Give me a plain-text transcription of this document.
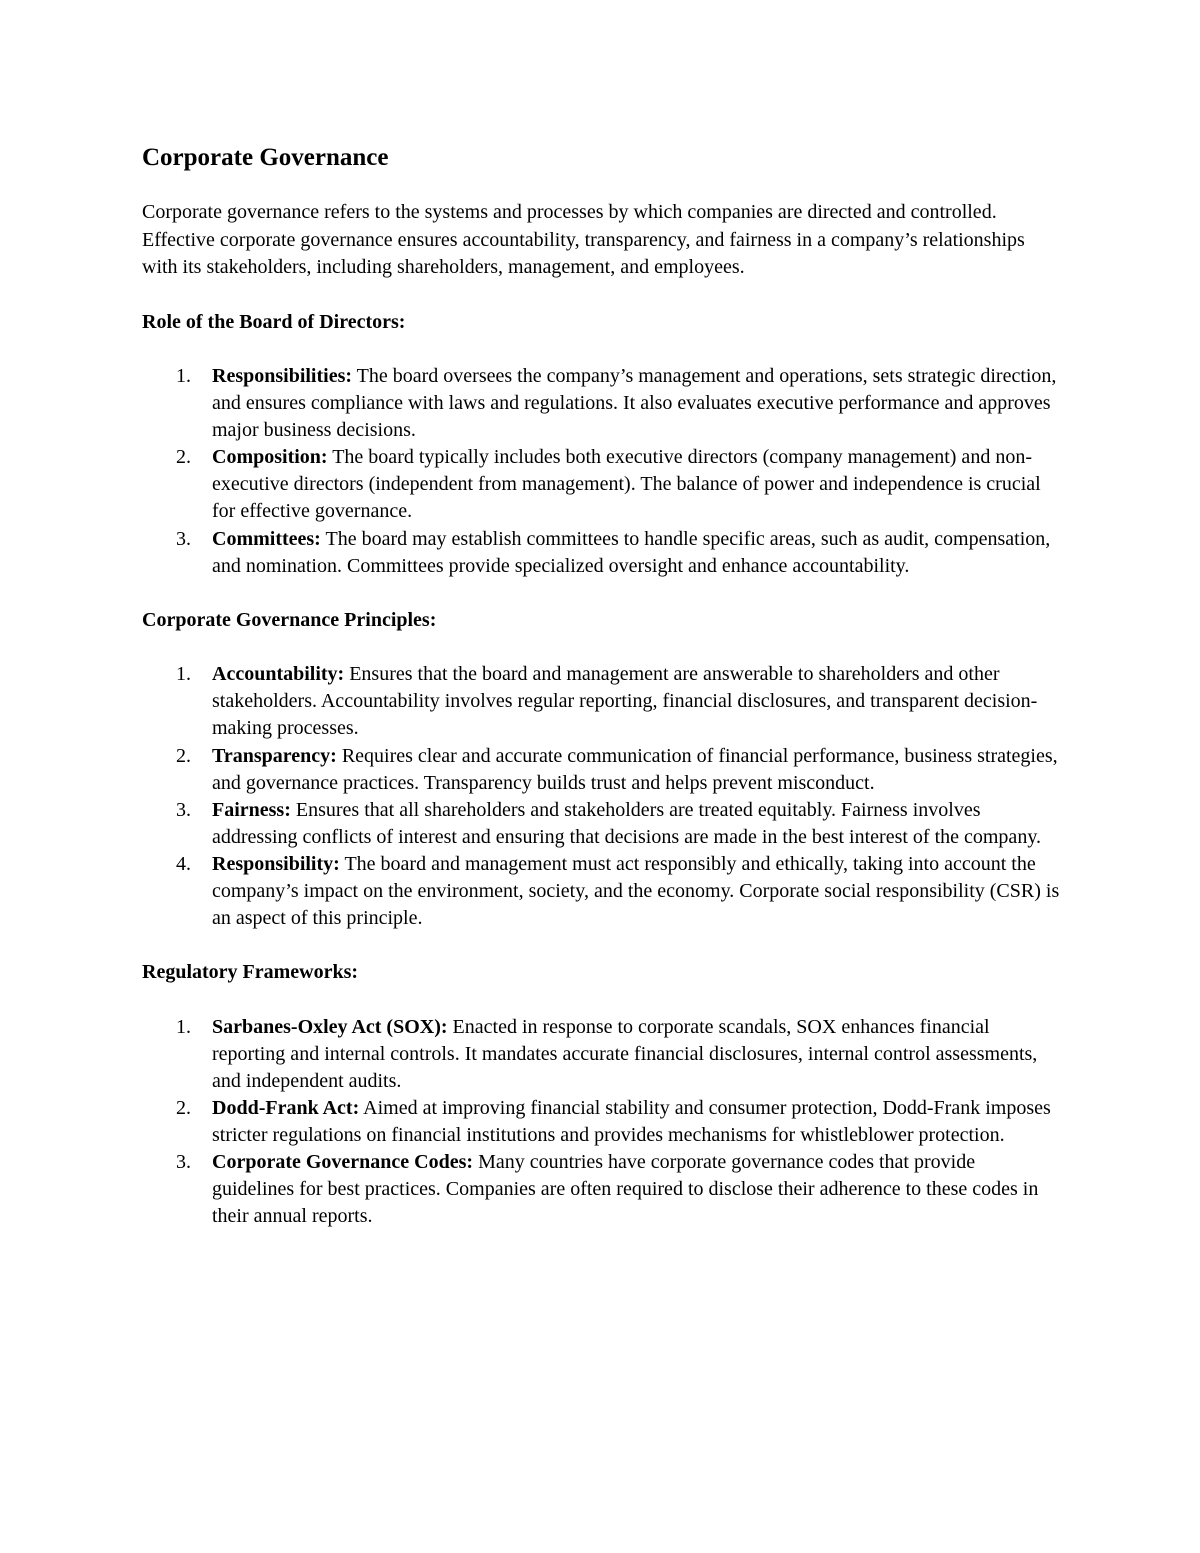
Corporate Governance

Corporate governance refers to the systems and processes by which companies are directed and controlled. Effective corporate governance ensures accountability, transparency, and fairness in a company’s relationships with its stakeholders, including shareholders, management, and employees.

Role of the Board of Directors:
1. Responsibilities: The board oversees the company’s management and operations, sets strategic direction, and ensures compliance with laws and regulations. It also evaluates executive performance and approves major business decisions.
2. Composition: The board typically includes both executive directors (company management) and non-executive directors (independent from management). The balance of power and independence is crucial for effective governance.
3. Committees: The board may establish committees to handle specific areas, such as audit, compensation, and nomination. Committees provide specialized oversight and enhance accountability.
Corporate Governance Principles:
1. Accountability: Ensures that the board and management are answerable to shareholders and other stakeholders. Accountability involves regular reporting, financial disclosures, and transparent decision-making processes.
2. Transparency: Requires clear and accurate communication of financial performance, business strategies, and governance practices. Transparency builds trust and helps prevent misconduct.
3. Fairness: Ensures that all shareholders and stakeholders are treated equitably. Fairness involves addressing conflicts of interest and ensuring that decisions are made in the best interest of the company.
4. Responsibility: The board and management must act responsibly and ethically, taking into account the company’s impact on the environment, society, and the economy. Corporate social responsibility (CSR) is an aspect of this principle.
Regulatory Frameworks:
1. Sarbanes-Oxley Act (SOX): Enacted in response to corporate scandals, SOX enhances financial reporting and internal controls. It mandates accurate financial disclosures, internal control assessments, and independent audits.
2. Dodd-Frank Act: Aimed at improving financial stability and consumer protection, Dodd-Frank imposes stricter regulations on financial institutions and provides mechanisms for whistleblower protection.
3. Corporate Governance Codes: Many countries have corporate governance codes that provide guidelines for best practices. Companies are often required to disclose their adherence to these codes in their annual reports.
